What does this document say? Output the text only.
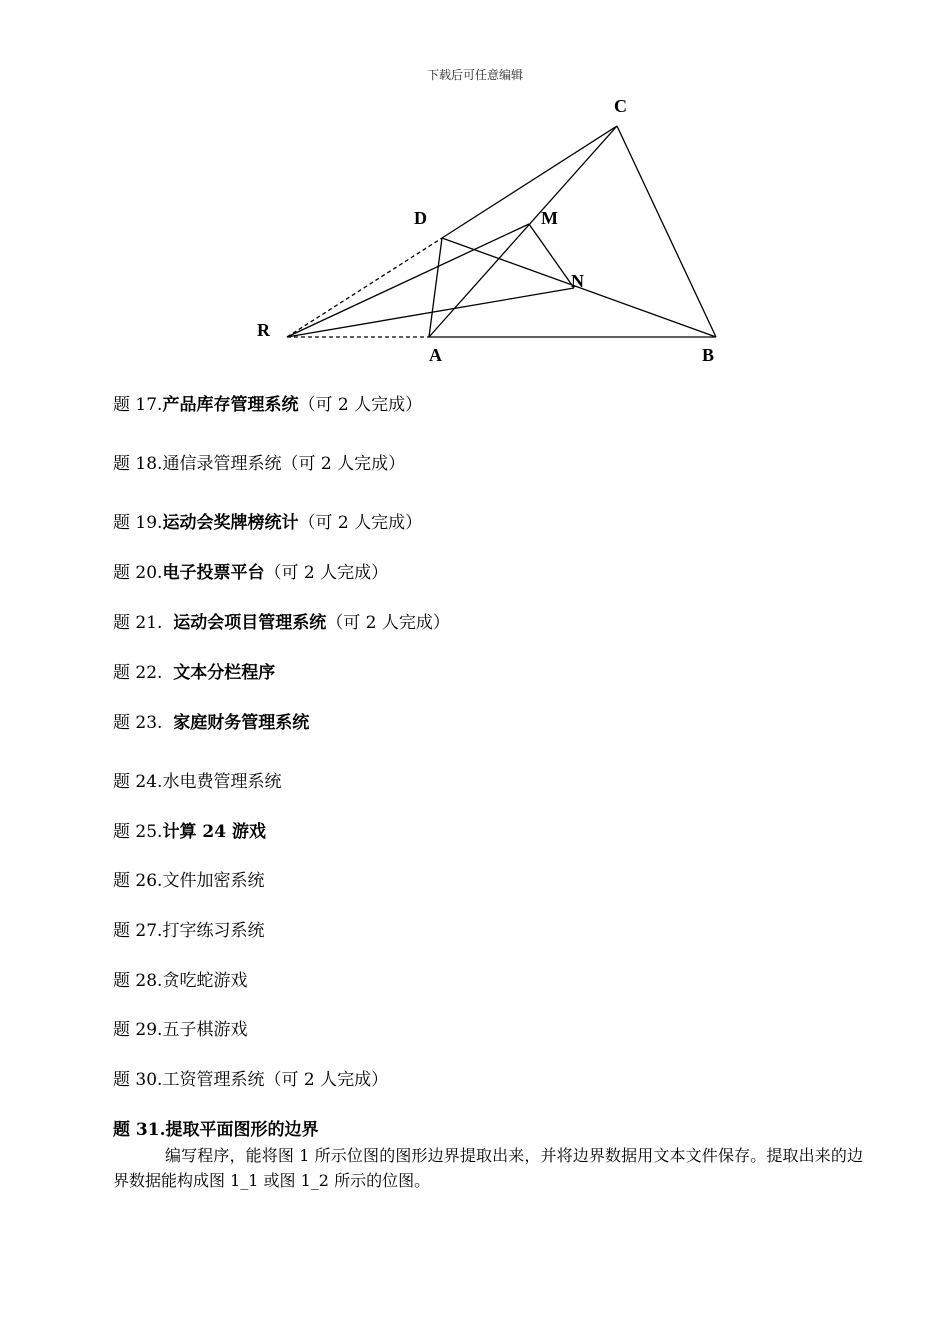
下载后可任意编辑
C
D	M
N
R
A	B
题 17.产品库存管理系统（可 2 人完成）
题 18.通信录管理系统（可 2 人完成）
题 19.运动会奖牌榜统计（可 2 人完成）
题 20.电子投票平台（可 2 人完成）
题 21.  运动会项目管理系统（可 2 人完成）
题 22.  文本分栏程序
题 23.  家庭财务管理系统
题 24.水电费管理系统
题 25.计算 24 游戏
题 26.文件加密系统
题 27.打字练习系统
题 28.贪吃蛇游戏
题 29.五子棋游戏
题 30.工资管理系统（可 2 人完成）
题 31.提取平面图形的边界
编写程序，能将图 1 所示位图的图形边界提取出来，并将边界数据用文本文件保存。提取出来的边界数据能构成图 1_1 或图 1_2 所示的位图。
